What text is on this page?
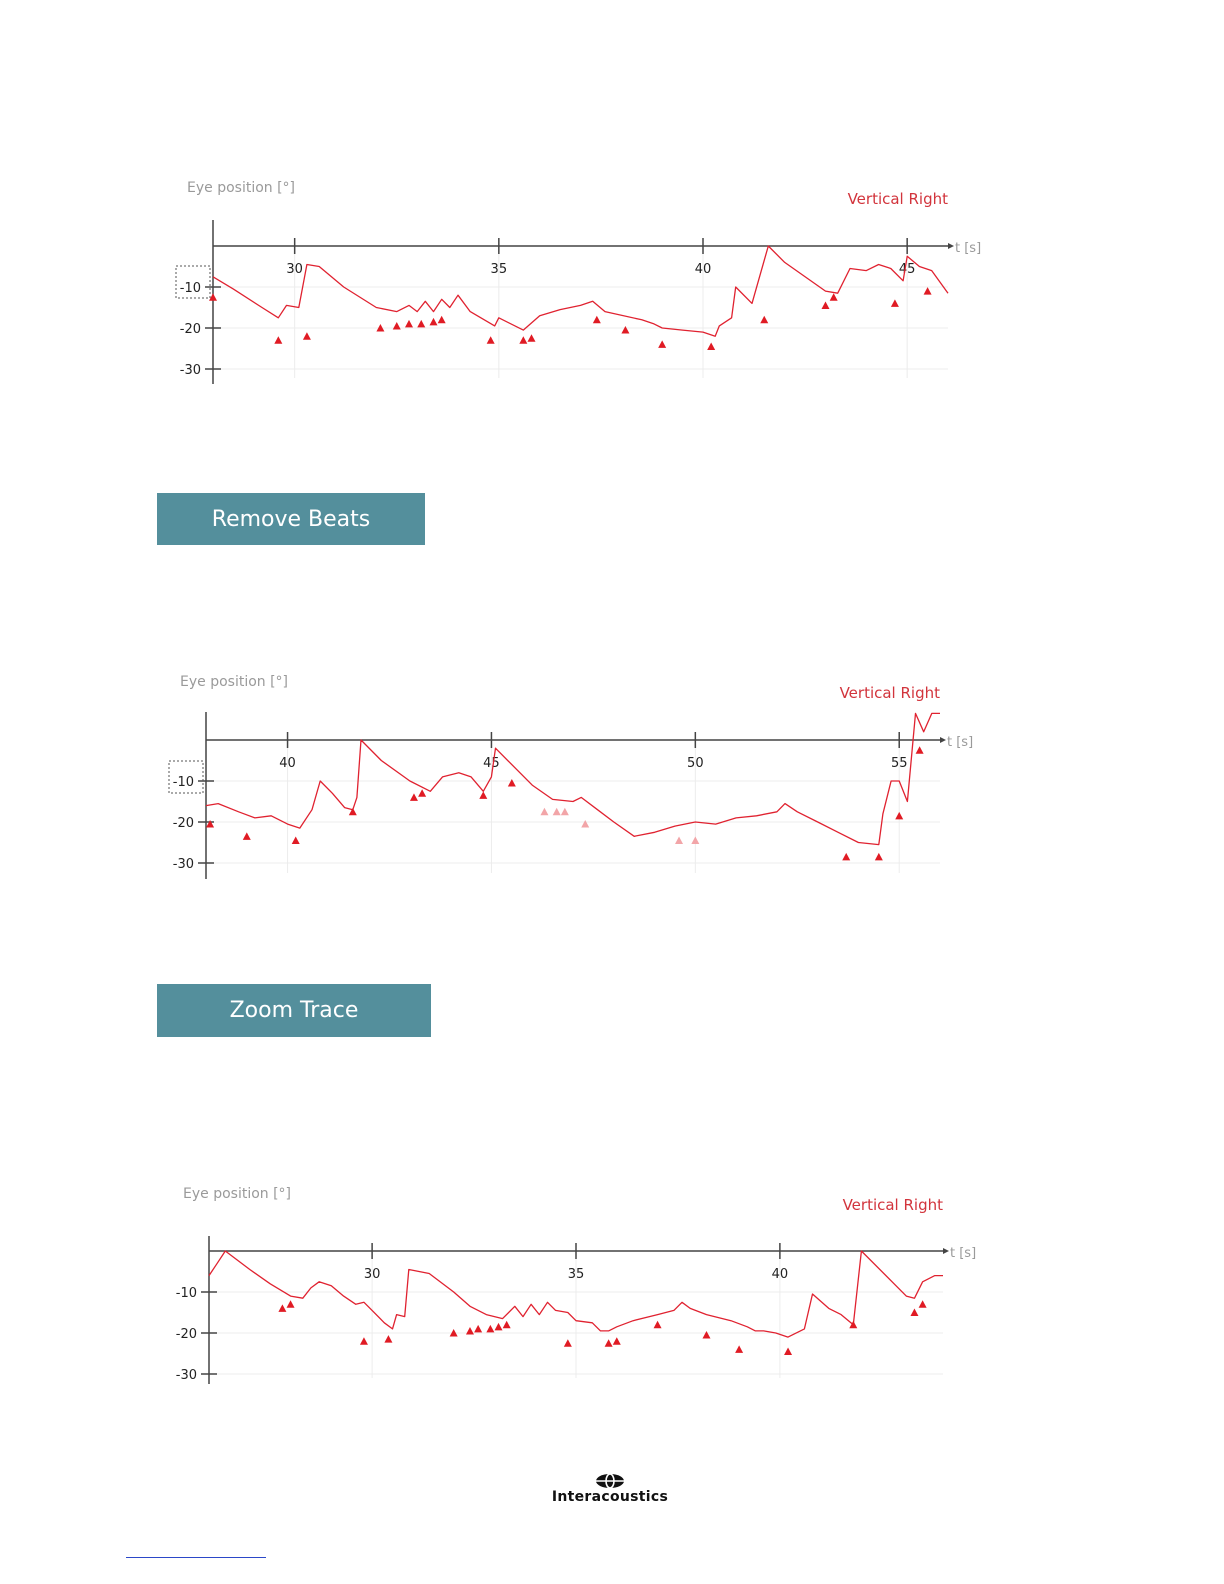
30	35	40	45
-10
-20
-30
Eye position [°]
Vertical Right
t [s]
Remove Beats
40	45	50	55
-10
-20
-30
Eye position [°]
Vertical Right
t [s]
Zoom Trace
30	35	40
-10
-20
-30
Eye position [°]
Vertical Right
t [s]
Interacoustics
